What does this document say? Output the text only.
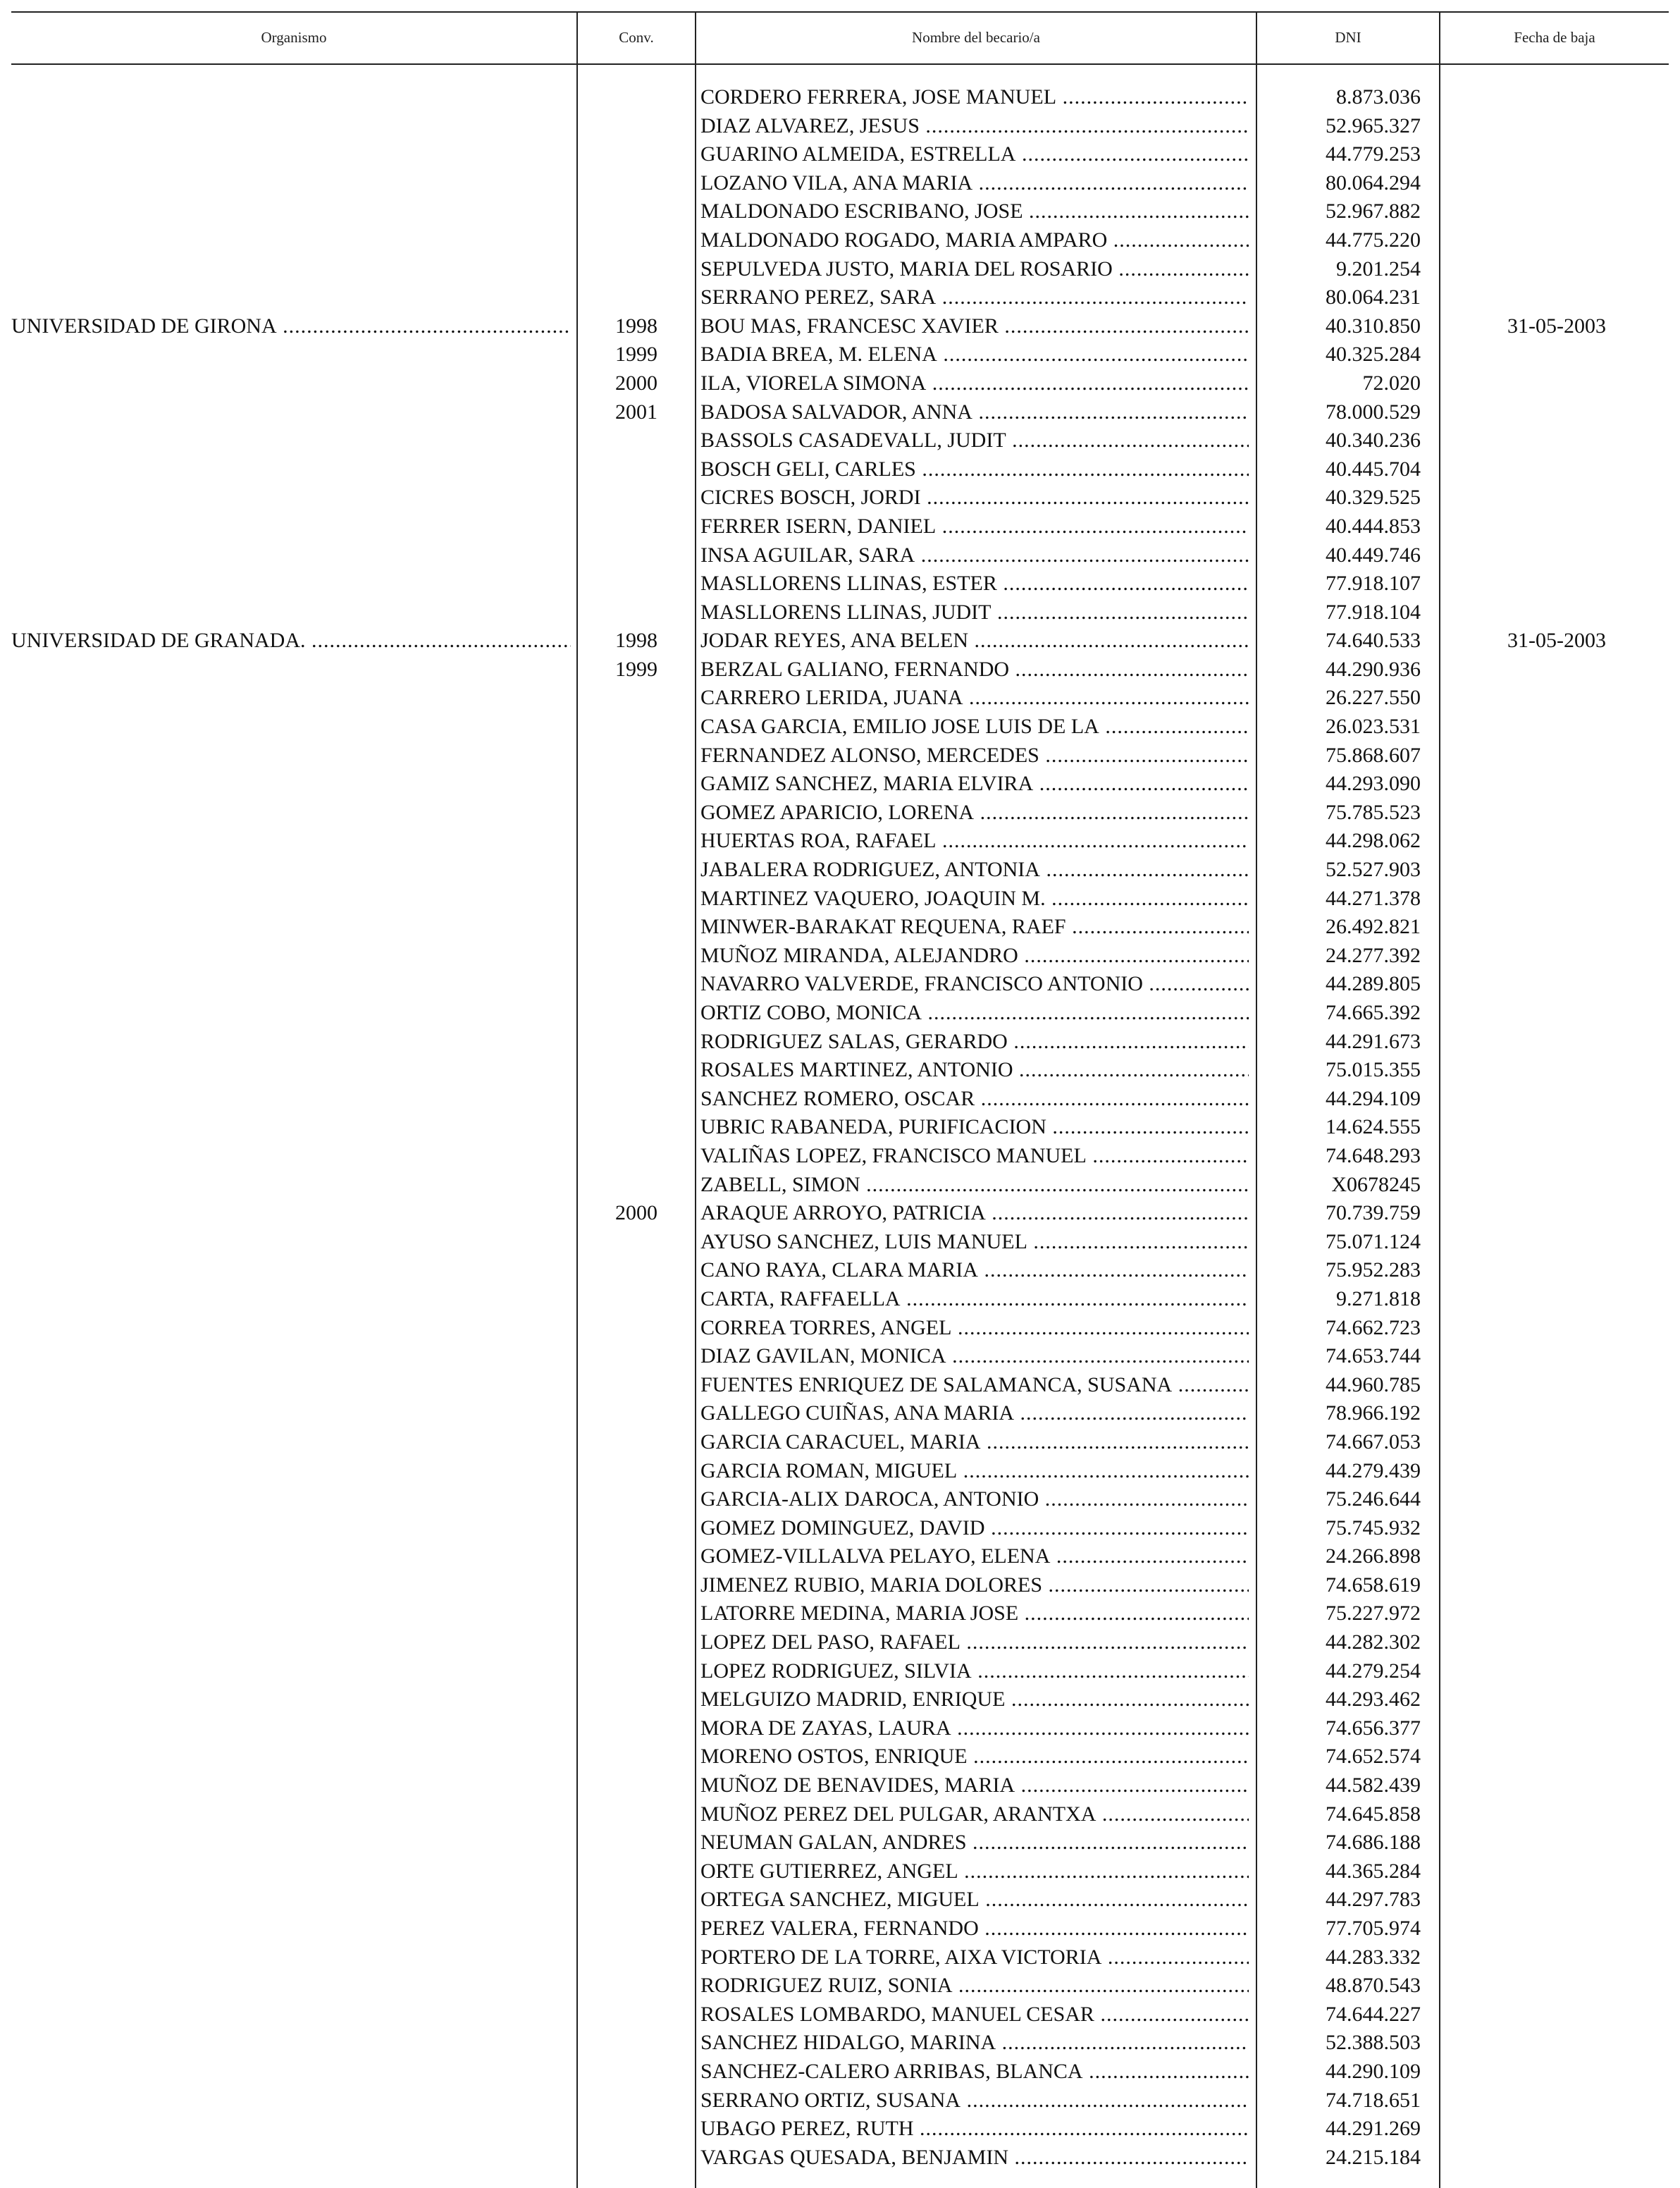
Organismo	Conv.	Nombre del becario/a	DNI	Fecha de baja
CORDERO FERRERA, JOSE MANUEL .....	8.873.036
DIAZ ALVAREZ, JESUS .....	52.965.327
GUARINO ALMEIDA, ESTRELLA .....	44.779.253
LOZANO VILA, ANA MARIA .....	80.064.294
MALDONADO ESCRIBANO, JOSE .....	52.967.882
MALDONADO ROGADO, MARIA AMPARO .....	44.775.220
SEPULVEDA JUSTO, MARIA DEL ROSARIO .....	9.201.254
SERRANO PEREZ, SARA .....	80.064.231
UNIVERSIDAD DE GIRONA .....	1998	BOU MAS, FRANCESC XAVIER .....	40.310.850	31-05-2003
1999	BADIA BREA, M. ELENA .....	40.325.284
2000	ILA, VIORELA SIMONA .....	72.020
2001	BADOSA SALVADOR, ANNA .....	78.000.529
BASSOLS CASADEVALL, JUDIT .....	40.340.236
BOSCH GELI, CARLES .....	40.445.704
CICRES BOSCH, JORDI .....	40.329.525
FERRER ISERN, DANIEL .....	40.444.853
INSA AGUILAR, SARA .....	40.449.746
MASLLORENS LLINAS, ESTER .....	77.918.107
MASLLORENS LLINAS, JUDIT .....	77.918.104
UNIVERSIDAD DE GRANADA. .....	1998	JODAR REYES, ANA BELEN .....	74.640.533	31-05-2003
1999	BERZAL GALIANO, FERNANDO .....	44.290.936
CARRERO LERIDA, JUANA .....	26.227.550
CASA GARCIA, EMILIO JOSE LUIS DE LA .....	26.023.531
FERNANDEZ ALONSO, MERCEDES .....	75.868.607
GAMIZ SANCHEZ, MARIA ELVIRA .....	44.293.090
GOMEZ APARICIO, LORENA .....	75.785.523
HUERTAS ROA, RAFAEL .....	44.298.062
JABALERA RODRIGUEZ, ANTONIA .....	52.527.903
MARTINEZ VAQUERO, JOAQUIN M. .....	44.271.378
MINWER-BARAKAT REQUENA, RAEF .....	26.492.821
MUÑOZ MIRANDA, ALEJANDRO .....	24.277.392
NAVARRO VALVERDE, FRANCISCO ANTONIO .....	44.289.805
ORTIZ COBO, MONICA .....	74.665.392
RODRIGUEZ SALAS, GERARDO .....	44.291.673
ROSALES MARTINEZ, ANTONIO .....	75.015.355
SANCHEZ ROMERO, OSCAR .....	44.294.109
UBRIC RABANEDA, PURIFICACION .....	14.624.555
VALIÑAS LOPEZ, FRANCISCO MANUEL .....	74.648.293
ZABELL, SIMON .....	X0678245
2000	ARAQUE ARROYO, PATRICIA .....	70.739.759
AYUSO SANCHEZ, LUIS MANUEL .....	75.071.124
CANO RAYA, CLARA MARIA .....	75.952.283
CARTA, RAFFAELLA .....	9.271.818
CORREA TORRES, ANGEL .....	74.662.723
DIAZ GAVILAN, MONICA .....	74.653.744
FUENTES ENRIQUEZ DE SALAMANCA, SUSANA .....	44.960.785
GALLEGO CUIÑAS, ANA MARIA .....	78.966.192
GARCIA CARACUEL, MARIA .....	74.667.053
GARCIA ROMAN, MIGUEL .....	44.279.439
GARCIA-ALIX DAROCA, ANTONIO .....	75.246.644
GOMEZ DOMINGUEZ, DAVID .....	75.745.932
GOMEZ-VILLALVA PELAYO, ELENA .....	24.266.898
JIMENEZ RUBIO, MARIA DOLORES .....	74.658.619
LATORRE MEDINA, MARIA JOSE .....	75.227.972
LOPEZ DEL PASO, RAFAEL .....	44.282.302
LOPEZ RODRIGUEZ, SILVIA .....	44.279.254
MELGUIZO MADRID, ENRIQUE .....	44.293.462
MORA DE ZAYAS, LAURA .....	74.656.377
MORENO OSTOS, ENRIQUE .....	74.652.574
MUÑOZ DE BENAVIDES, MARIA .....	44.582.439
MUÑOZ PEREZ DEL PULGAR, ARANTXA .....	74.645.858
NEUMAN GALAN, ANDRES .....	74.686.188
ORTE GUTIERREZ, ANGEL .....	44.365.284
ORTEGA SANCHEZ, MIGUEL .....	44.297.783
PEREZ VALERA, FERNANDO .....	77.705.974
PORTERO DE LA TORRE, AIXA VICTORIA .....	44.283.332
RODRIGUEZ RUIZ, SONIA .....	48.870.543
ROSALES LOMBARDO, MANUEL CESAR .....	74.644.227
SANCHEZ HIDALGO, MARINA .....	52.388.503
SANCHEZ-CALERO ARRIBAS, BLANCA .....	44.290.109
SERRANO ORTIZ, SUSANA .....	74.718.651
UBAGO PEREZ, RUTH .....	44.291.269
VARGAS QUESADA, BENJAMIN .....	24.215.184
